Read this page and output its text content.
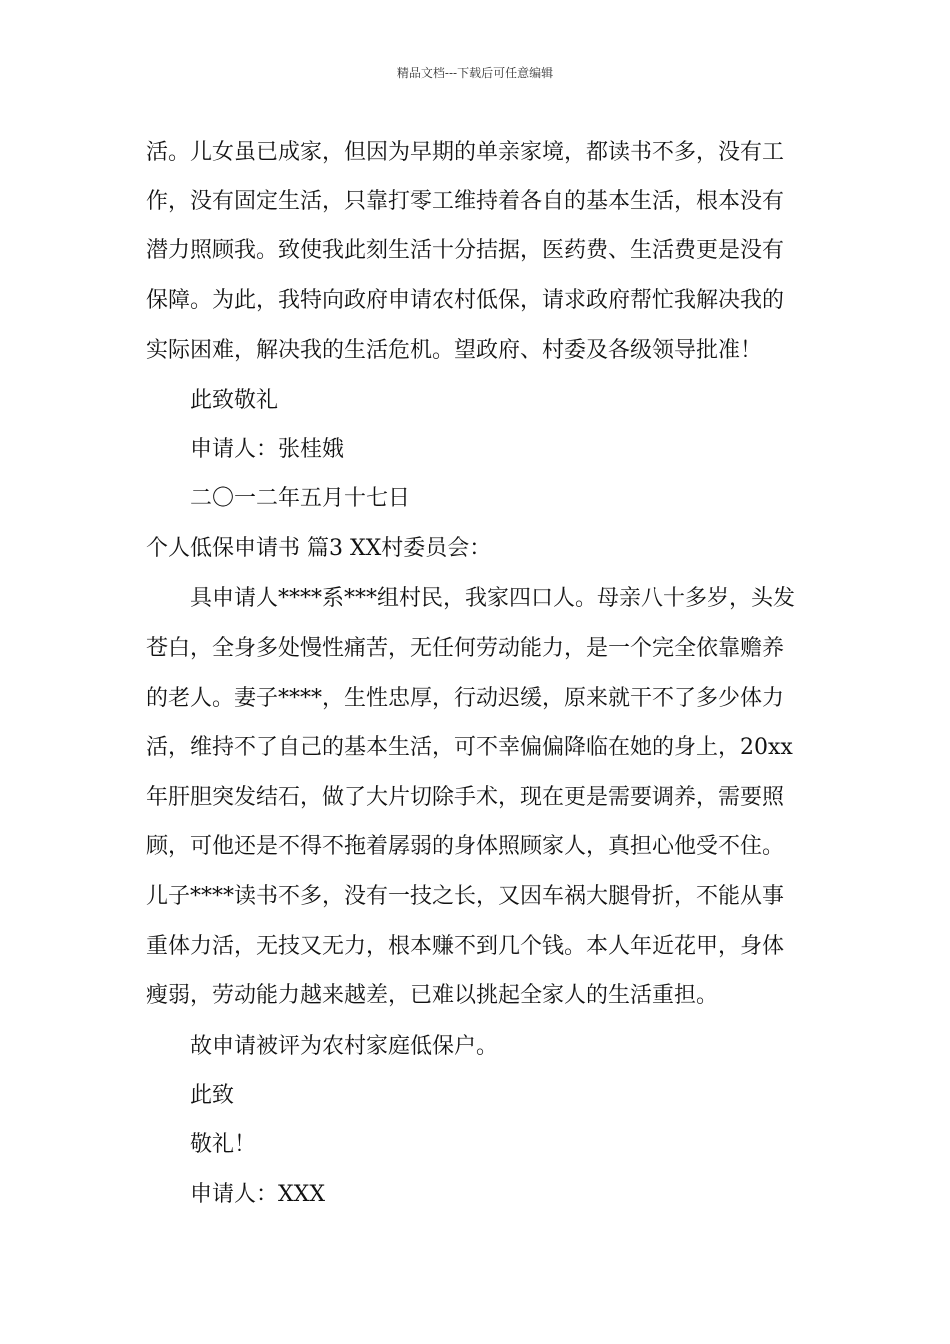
精品文档---下载后可任意编辑
活。儿女虽已成家，但因为早期的单亲家境，都读书不多，没有工
作，没有固定生活，只靠打零工维持着各自的基本生活，根本没有
潜力照顾我。致使我此刻生活十分拮据，医药费、生活费更是没有
保障。为此，我特向政府申请农村低保，请求政府帮忙我解决我的
实际困难，解决我的生活危机。望政府、村委及各级领导批准！
此致敬礼
申请人：张桂娥
二〇一二年五月十七日
个人低保申请书 篇3 XX村委员会：
具申请人****系***组村民，我家四口人。母亲八十多岁，头发
苍白，全身多处慢性痛苦，无任何劳动能力，是一个完全依靠赡养
的老人。妻子****，生性忠厚，行动迟缓，原来就干不了多少体力
活，维持不了自己的基本生活，可不幸偏偏降临在她的身上，20xx
年肝胆突发结石，做了大片切除手术，现在更是需要调养，需要照
顾，可他还是不得不拖着孱弱的身体照顾家人，真担心他受不住。
儿子****读书不多，没有一技之长，又因车祸大腿骨折，不能从事
重体力活，无技又无力，根本赚不到几个钱。本人年近花甲，身体
瘦弱，劳动能力越来越差，已难以挑起全家人的生活重担。
故申请被评为农村家庭低保户。
此致
敬礼！
申请人：XXX
